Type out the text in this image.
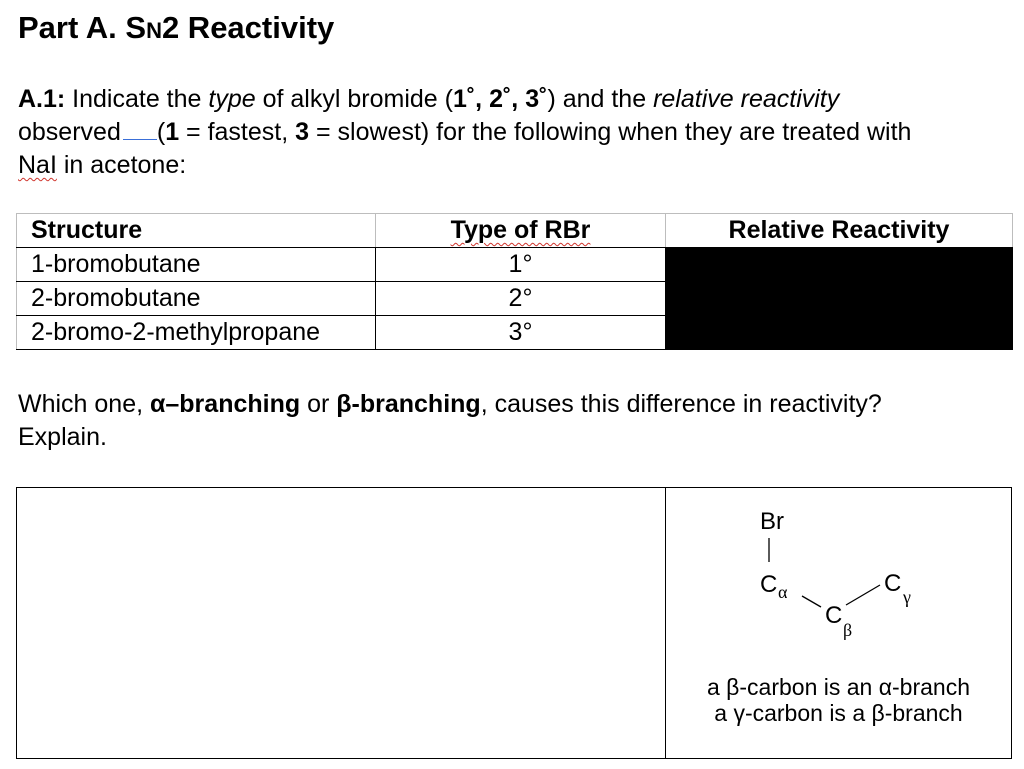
Part A. SN2 Reactivity
A.1: Indicate the type of alkyl bromide (1˚, 2˚, 3˚) and the relative reactivity
observed (1 = fastest, 3 = slowest) for the following when they are treated with
NaI in acetone:
Structure	Type of RBr	Relative Reactivity
1-bromobutane	1°	
2-bromobutane	2°	
2-bromo-2-methylpropane	3°	
Which one, α–branching or β-branching, causes this difference in reactivity?
Explain.
Br
C α
C
β
C γ
a β-carbon is an α-branch
a γ-carbon is a β-branch
